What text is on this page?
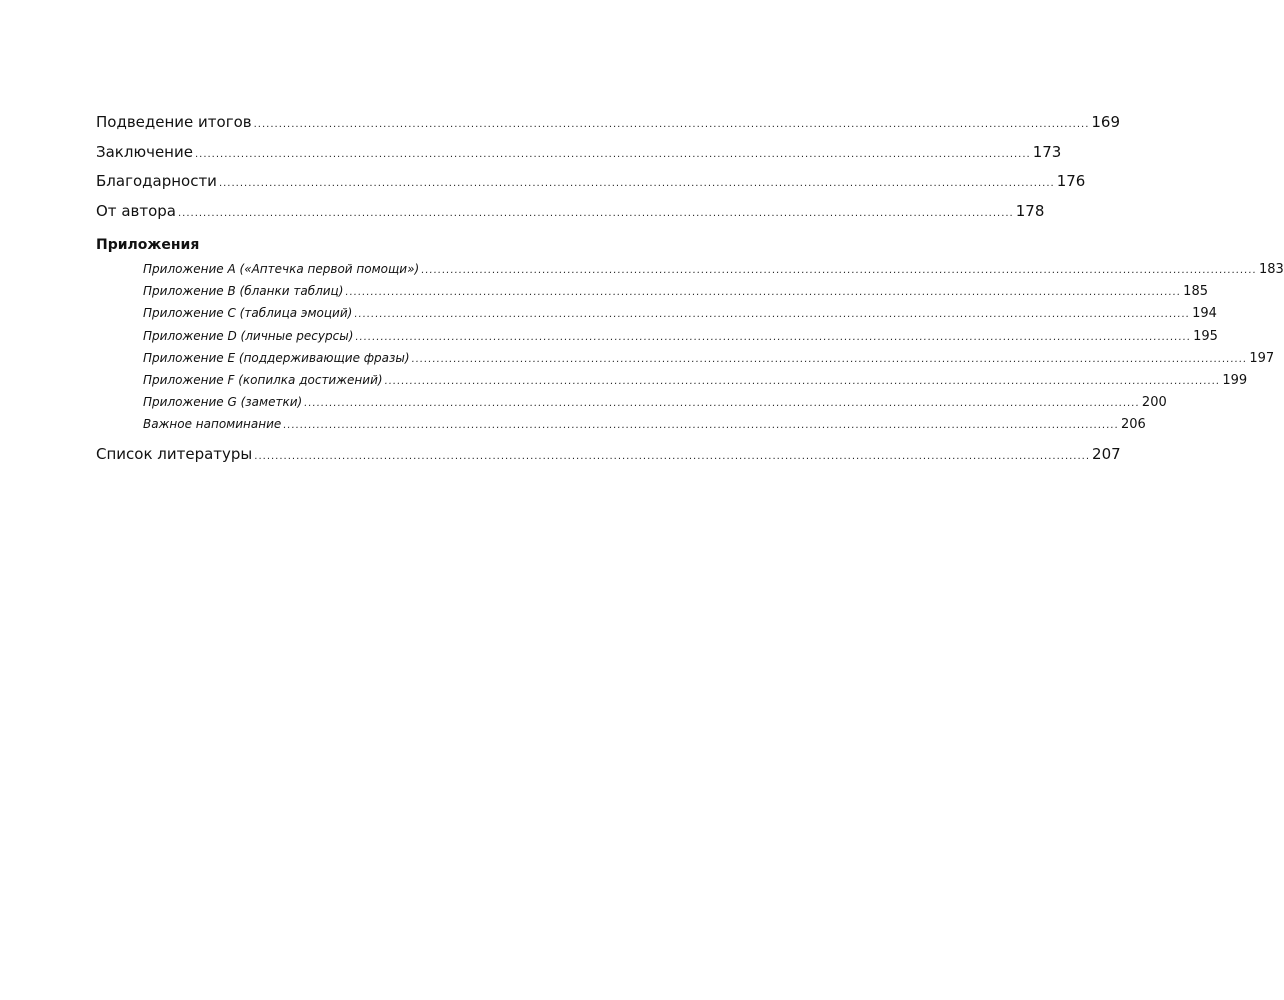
Подведение итогов ........................................................................................................................................................................................................ 169
Заключение ........................................................................................................................................................................................................ 173
Благодарности ........................................................................................................................................................................................................ 176
От автора ........................................................................................................................................................................................................ 178
Приложения
Приложение A («Аптечка первой помощи») ........................................................................................................................................................................................................ 183
Приложение B (бланки таблиц) ........................................................................................................................................................................................................ 185
Приложение C (таблица эмоций) ........................................................................................................................................................................................................ 194
Приложение D (личные ресурсы) ........................................................................................................................................................................................................ 195
Приложение E (поддерживающие фразы) ........................................................................................................................................................................................................ 197
Приложение F (копилка достижений) ........................................................................................................................................................................................................ 199
Приложение G (заметки) ........................................................................................................................................................................................................ 200
Важное напоминание ........................................................................................................................................................................................................ 206
Список литературы ........................................................................................................................................................................................................ 207
